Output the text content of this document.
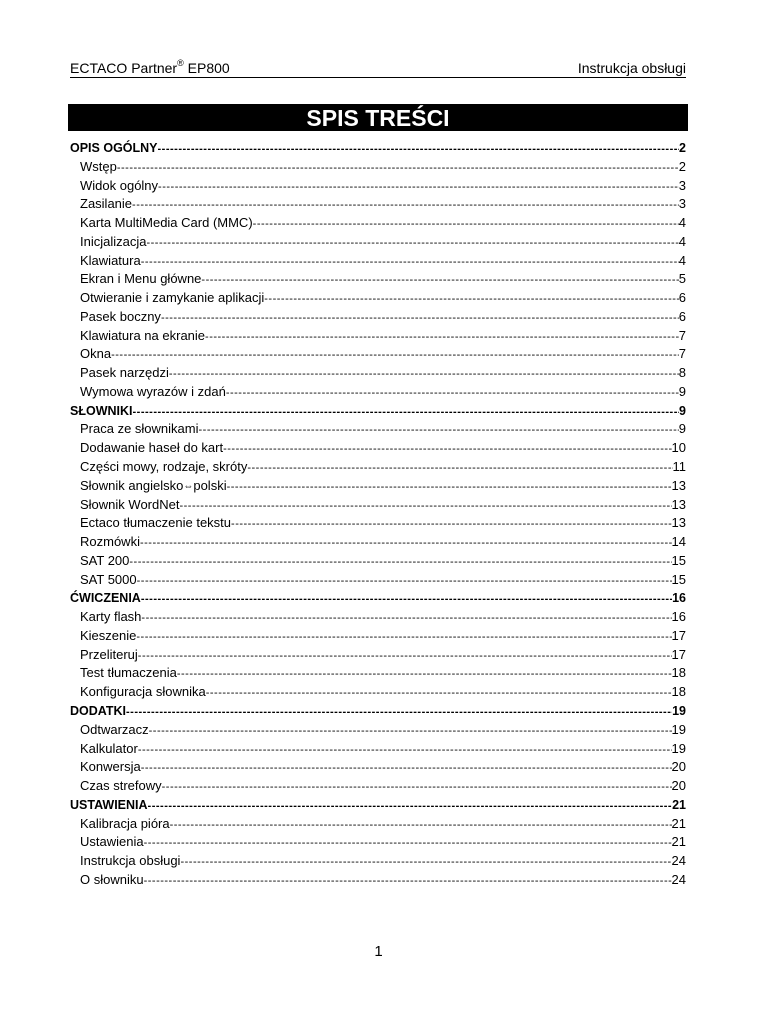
ECTACO Partner® EP800	Instrukcja obsługi
SPIS TREŚCI
OPIS OGÓLNY -----	2
Wstęp -----	2
Widok ogólny -----	3
Zasilanie -----	3
Karta MultiMedia Card (MMC) -----	4
Inicjalizacja -----	4
Klawiatura -----	4
Ekran i Menu główne -----	5
Otwieranie i zamykanie aplikacji -----	6
Pasek boczny -----	6
Klawiatura na ekranie -----	7
Okna -----	7
Pasek narzędzi -----	8
Wymowa wyrazów i zdań -----	9
SŁOWNIKI -----	9
Praca ze słownikami -----	9
Dodawanie haseł do kart -----	10
Części mowy, rodzaje, skróty -----	11
Słownik angielsko⇔polski -----	13
Słownik WordNet -----	13
Ectaco tłumaczenie tekstu -----	13
Rozmówki -----	14
SAT 200 -----	15
SAT 5000 -----	15
ĆWICZENIA -----	16
Karty flash -----	16
Kieszenie -----	17
Przeliteruj -----	17
Test tłumaczenia -----	18
Konfiguracja słownika -----	18
DODATKI -----	19
Odtwarzacz -----	19
Kalkulator -----	19
Konwersja -----	20
Czas strefowy -----	20
USTAWIENIA -----	21
Kalibracja pióra -----	21
Ustawienia -----	21
Instrukcja obsługi -----	24
O słowniku -----	24
1
